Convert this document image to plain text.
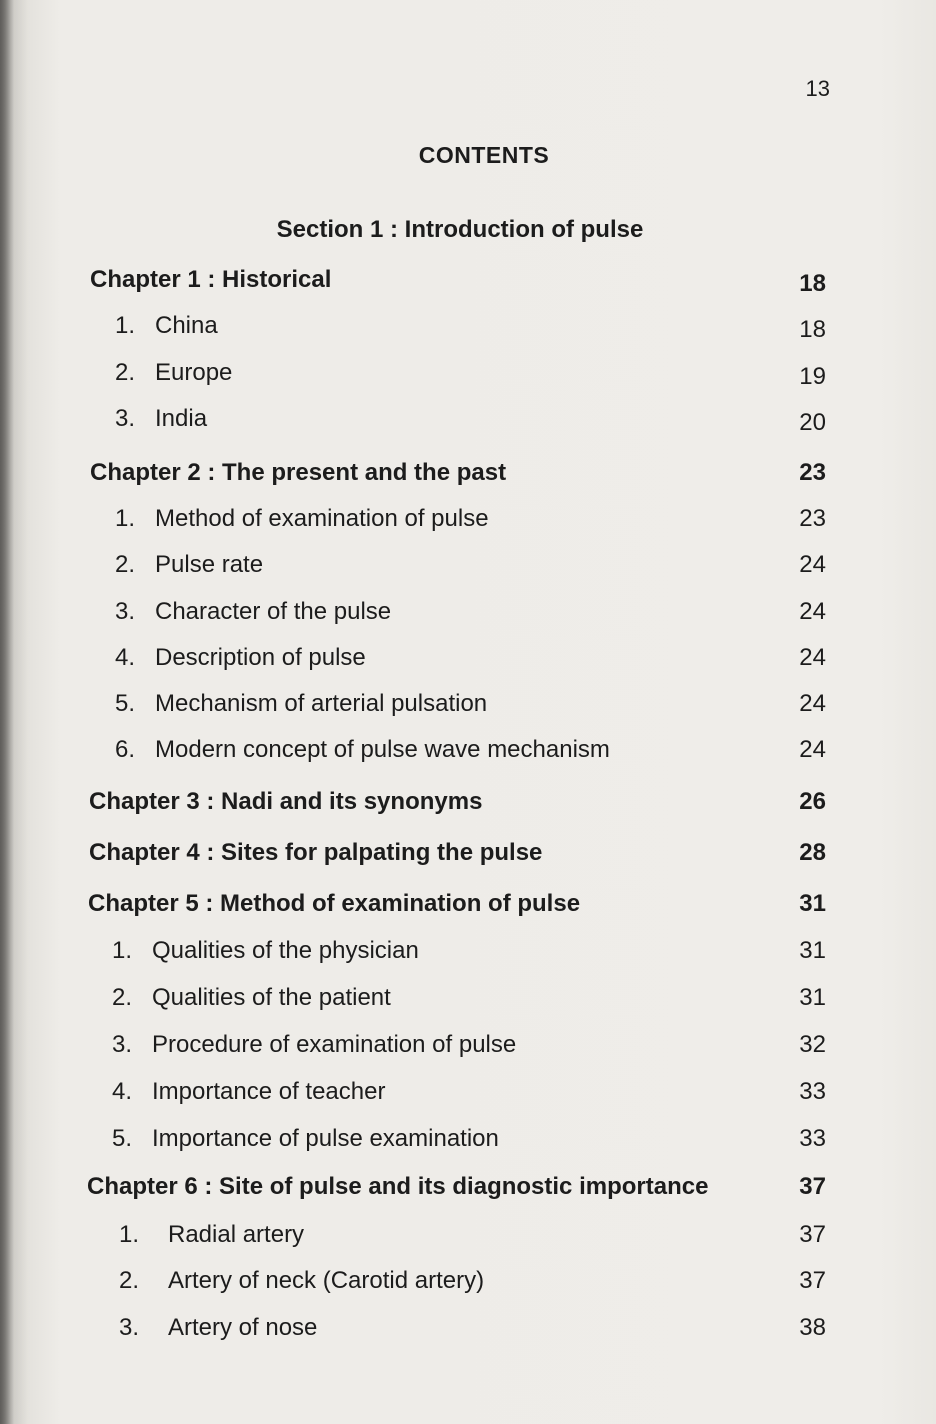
13
CONTENTS
Section 1 : Introduction of pulse
Chapter 1 : Historical	18
1. China	18
2. Europe	19
3. India	20
Chapter 2 : The present and the past	23
1. Method of examination of pulse	23
2. Pulse rate	24
3. Character of the pulse	24
4. Description of pulse	24
5. Mechanism of arterial pulsation	24
6. Modern concept of pulse wave mechanism	24
Chapter 3 : Nadi and its synonyms	26
Chapter 4 : Sites for palpating the pulse	28
Chapter 5 : Method of examination of pulse	31
1. Qualities of the physician	31
2. Qualities of the patient	31
3. Procedure of examination of pulse	32
4. Importance of teacher	33
5. Importance of pulse examination	33
Chapter 6 : Site of pulse and its diagnostic importance	37
1. Radial artery	37
2. Artery of neck (Carotid artery)	37
3. Artery of nose	38
